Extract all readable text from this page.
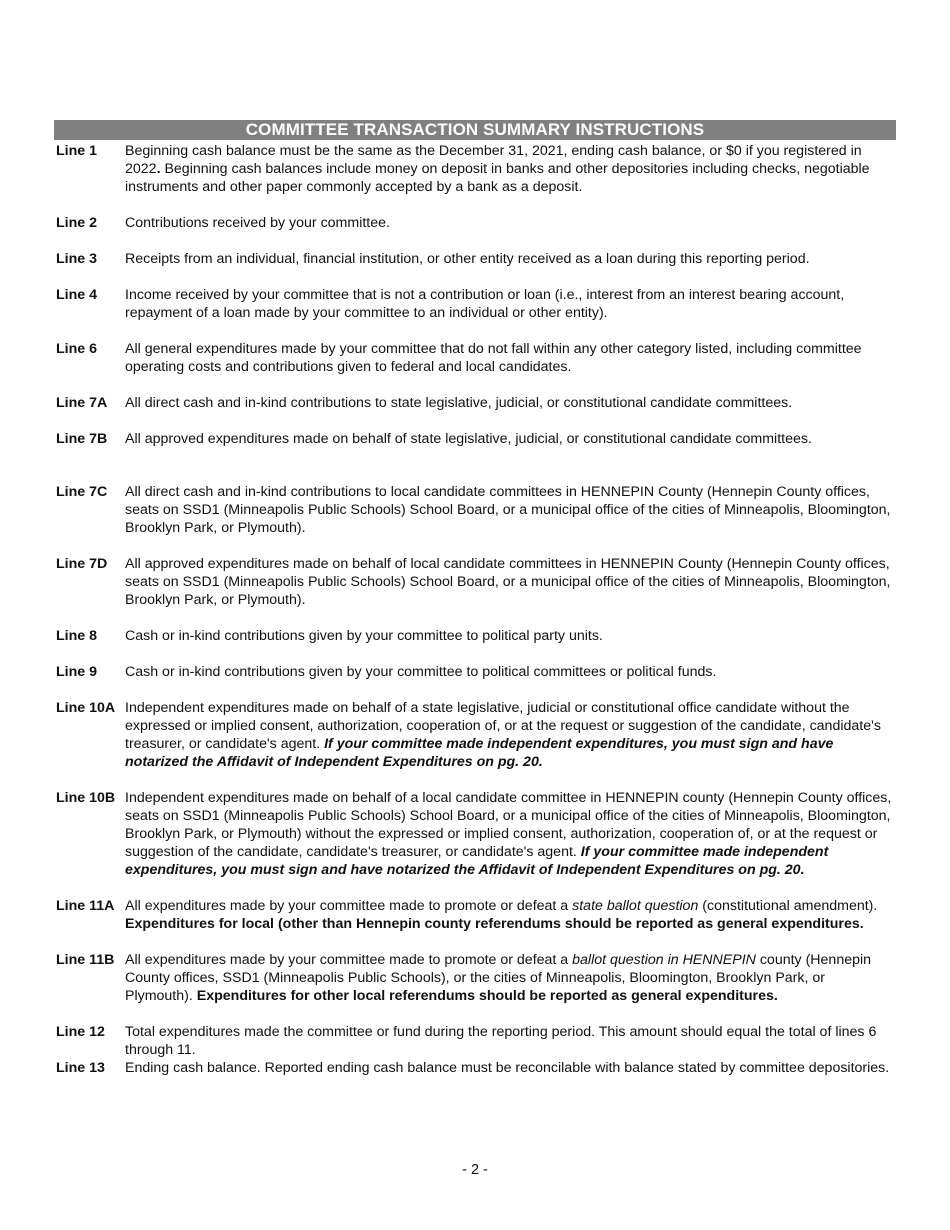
COMMITTEE TRANSACTION SUMMARY INSTRUCTIONS
Line 1	Beginning cash balance must be the same as the December 31, 2021, ending cash balance, or $0 if you registered in 2022. Beginning cash balances include money on deposit in banks and other depositories including checks, negotiable instruments and other paper commonly accepted by a bank as a deposit.
Line 2	Contributions received by your committee.
Line 3	Receipts from an individual, financial institution, or other entity received as a loan during this reporting period.
Line 4	Income received by your committee that is not a contribution or loan (i.e., interest from an interest bearing account, repayment of a loan made by your committee to an individual or other entity).
Line 6	All general expenditures made by your committee that do not fall within any other category listed, including committee operating costs and contributions given to federal and local candidates.
Line 7A	All direct cash and in-kind contributions to state legislative, judicial, or constitutional candidate committees.
Line 7B	All approved expenditures made on behalf of state legislative, judicial, or constitutional candidate committees.
Line 7C	All direct cash and in-kind contributions to local candidate committees in HENNEPIN County (Hennepin County offices, seats on SSD1 (Minneapolis Public Schools) School Board, or a municipal office of the cities of Minneapolis, Bloomington, Brooklyn Park, or Plymouth).
Line 7D	All approved expenditures made on behalf of local candidate committees in HENNEPIN County (Hennepin County offices, seats on SSD1 (Minneapolis Public Schools) School Board, or a municipal office of the cities of Minneapolis, Bloomington, Brooklyn Park, or Plymouth).
Line 8	Cash or in-kind contributions given by your committee to political party units.
Line 9	Cash or in-kind contributions given by your committee to political committees or political funds.
Line 10A Independent expenditures made on behalf of a state legislative, judicial or constitutional office candidate without the expressed or implied consent, authorization, cooperation of, or at the request or suggestion of the candidate, candidate's treasurer, or candidate's agent. If your committee made independent expenditures, you must sign and have notarized the Affidavit of Independent Expenditures on pg. 20.
Line 10B Independent expenditures made on behalf of a local candidate committee in HENNEPIN county (Hennepin County offices, seats on SSD1 (Minneapolis Public Schools) School Board, or a municipal office of the cities of Minneapolis, Bloomington, Brooklyn Park, or Plymouth) without the expressed or implied consent, authorization, cooperation of, or at the request or suggestion of the candidate, candidate's treasurer, or candidate's agent. If your committee made independent expenditures, you must sign and have notarized the Affidavit of Independent Expenditures on pg. 20.
Line 11A All expenditures made by your committee made to promote or defeat a state ballot question (constitutional amendment). Expenditures for local (other than Hennepin county referendums should be reported as general expenditures.
Line 11B All expenditures made by your committee made to promote or defeat a ballot question in HENNEPIN county (Hennepin County offices, SSD1 (Minneapolis Public Schools), or the cities of Minneapolis, Bloomington, Brooklyn Park, or Plymouth). Expenditures for other local referendums should be reported as general expenditures.
Line 12	Total expenditures made the committee or fund during the reporting period. This amount should equal the total of lines 6 through 11.
Line 13	Ending cash balance. Reported ending cash balance must be reconcilable with balance stated by committee depositories.
- 2 -
